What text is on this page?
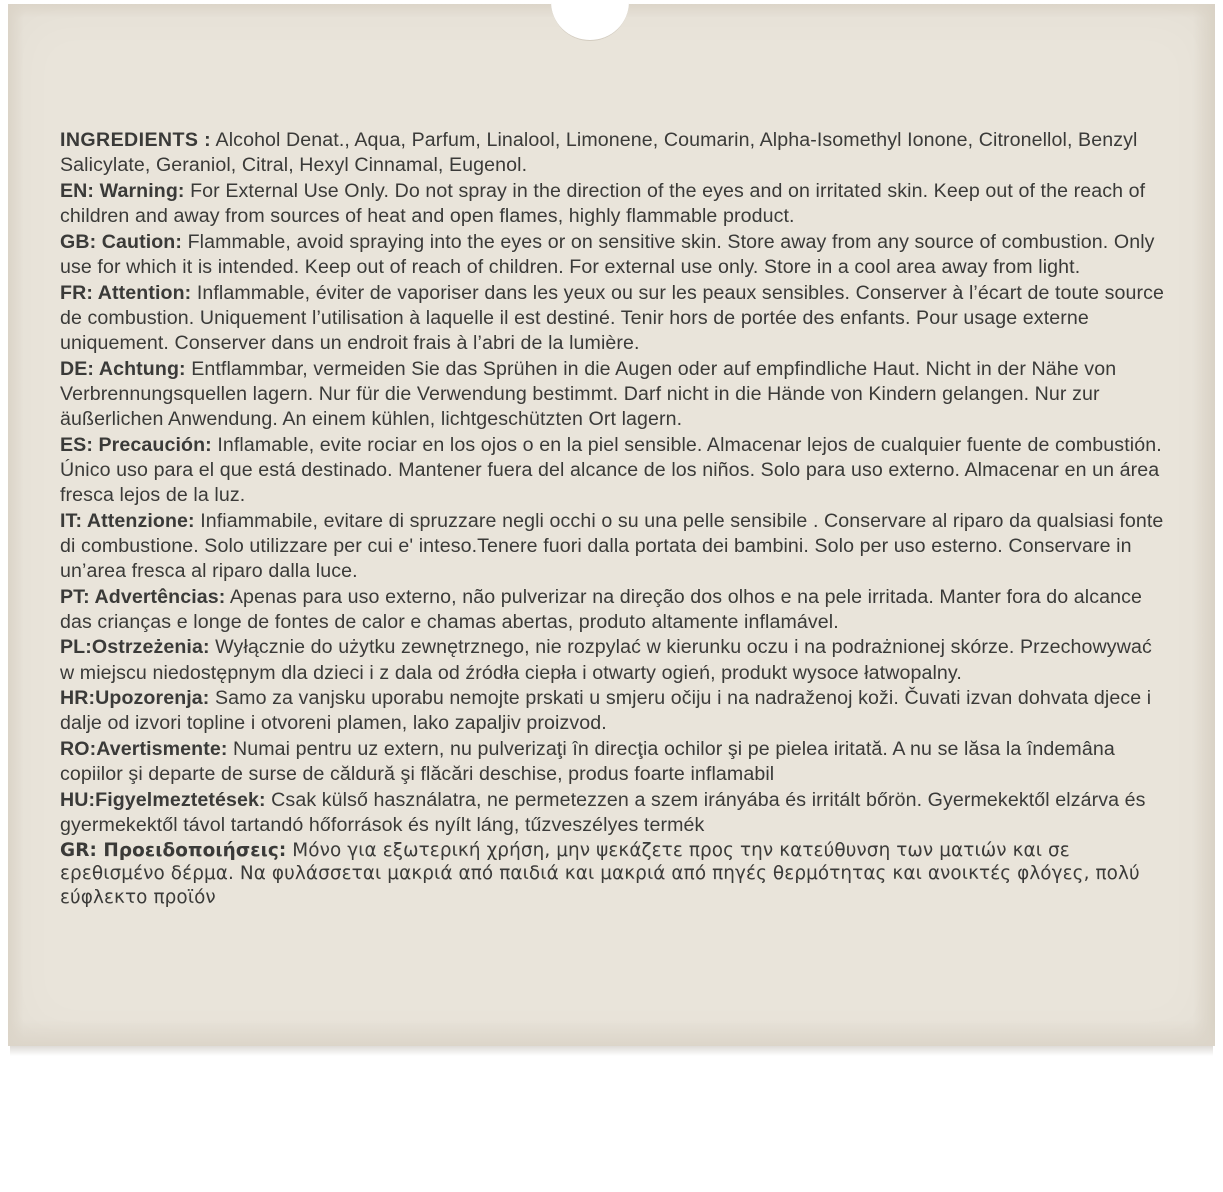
INGREDIENTS : Alcohol Denat., Aqua, Parfum, Linalool, Limonene, Coumarin, Alpha-Isomethyl Ionone, Citronellol, Benzyl Salicylate, Geraniol, Citral, Hexyl Cinnamal, Eugenol.

EN: Warning: For External Use Only. Do not spray in the direction of the eyes and on irritated skin. Keep out of the reach of children and away from sources of heat and open flames, highly flammable product.

GB: Caution: Flammable, avoid spraying into the eyes or on sensitive skin. Store away from any source of combustion. Only use for which it is intended. Keep out of reach of children. For external use only. Store in a cool area away from light.

FR: Attention: Inflammable, éviter de vaporiser dans les yeux ou sur les peaux sensibles. Conserver à l’écart de toute source de combustion. Uniquement l’utilisation à laquelle il est destiné. Tenir hors de portée des enfants. Pour usage externe uniquement. Conserver dans un endroit frais à l’abri de la lumière.

DE: Achtung: Entflammbar, vermeiden Sie das Sprühen in die Augen oder auf empfindliche Haut. Nicht in der Nähe von Verbrennungsquellen lagern. Nur für die Verwendung bestimmt. Darf nicht in die Hände von Kindern gelangen. Nur zur äußerlichen Anwendung. An einem kühlen, lichtgeschützten Ort lagern.

ES: Precaución: Inflamable, evite rociar en los ojos o en la piel sensible. Almacenar lejos de cualquier fuente de combustión. Único uso para el que está destinado. Mantener fuera del alcance de los niños. Solo para uso externo. Almacenar en un área fresca lejos de la luz.

IT: Attenzione: Infiammabile, evitare di spruzzare negli occhi o su una pelle sensibile . Conservare al riparo da qualsiasi fonte di combustione. Solo utilizzare per cui e' inteso.Tenere fuori dalla portata dei bambini. Solo per uso esterno. Conservare in un’area fresca al riparo dalla luce.

PT: Advertências: Apenas para uso externo, não pulverizar na direção dos olhos e na pele irritada. Manter fora do alcance das crianças e longe de fontes de calor e chamas abertas, produto altamente inflamável.

PL:Ostrzeżenia: Wyłącznie do użytku zewnętrznego, nie rozpylać w kierunku oczu i na podrażnionej skórze. Przechowywać w miejscu niedostępnym dla dzieci i z dala od źródła ciepła i otwarty ogień, produkt wysoce łatwopalny.

HR:Upozorenja: Samo za vanjsku uporabu nemojte prskati u smjeru očiju i na nadraženoj koži. Čuvati izvan dohvata djece i dalje od izvori topline i otvoreni plamen, lako zapaljiv proizvod.

RO:Avertismente: Numai pentru uz extern, nu pulverizaţi în direcţia ochilor şi pe pielea iritată. A nu se lăsa la îndemâna copiilor şi departe de surse de căldură şi flăcări deschise, produs foarte inflamabil

HU:Figyelmeztetések: Csak külső használatra, ne permetezzen a szem irányába és irritált bőrön. Gyermekektől elzárva és gyermekektől távol tartandó hőforrások és nyílt láng, tűzveszélyes termék

GR: Προειδοποιήσεις: Μόνο για εξωτερική χρήση, μην ψεκάζετε προς την κατεύθυνση των ματιών και σε ερεθισμένο δέρμα. Να φυλάσσεται μακριά από παιδιά και μακριά από πηγές θερμότητας και ανοικτές φλόγες, πολύ εύφλεκτο προϊόν
